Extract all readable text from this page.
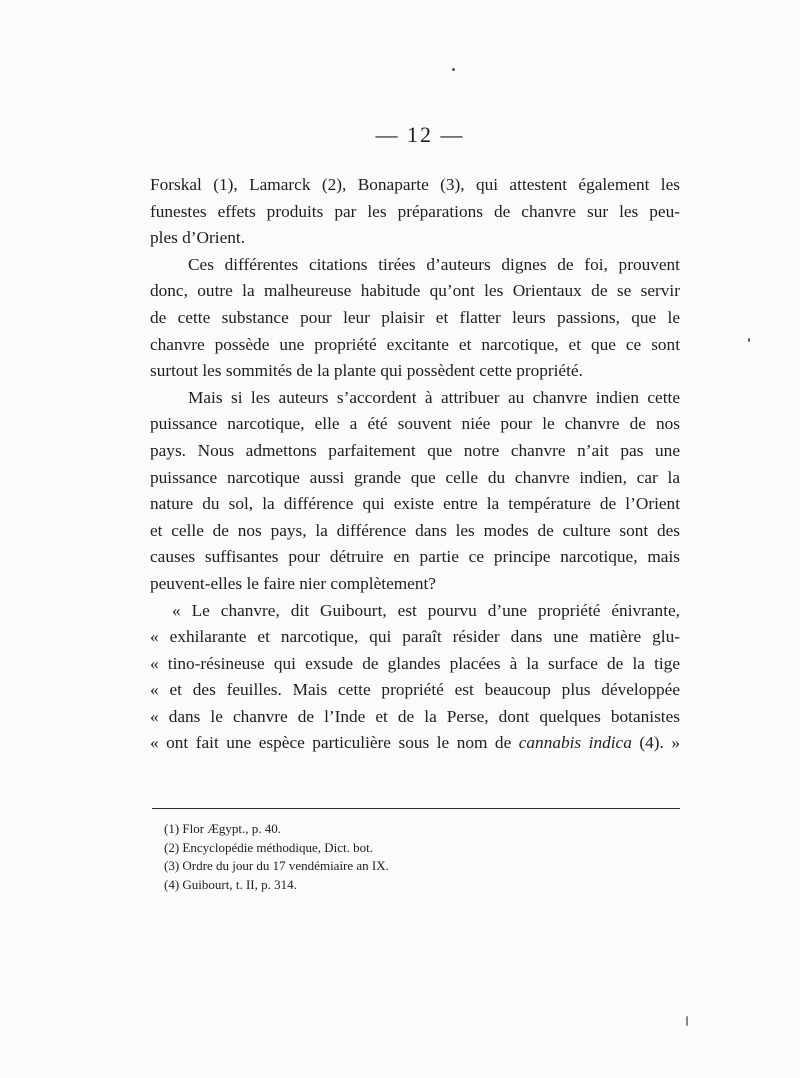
— 12 —
Forskal (1), Lamarck (2), Bonaparte (3), qui attestent également les
funestes effets produits par les préparations de chanvre sur les peu-
ples d’Orient.
Ces différentes citations tirées d’auteurs dignes de foi, prouvent
donc, outre la malheureuse habitude qu’ont les Orientaux de se servir
de cette substance pour leur plaisir et flatter leurs passions, que le
chanvre possède une propriété excitante et narcotique, et que ce sont
surtout les sommités de la plante qui possèdent cette propriété.
Mais si les auteurs s’accordent à attribuer au chanvre indien cette
puissance narcotique, elle a été souvent niée pour le chanvre de nos
pays. Nous admettons parfaitement que notre chanvre n’ait pas une
puissance narcotique aussi grande que celle du chanvre indien, car la
nature du sol, la différence qui existe entre la température de l’Orient
et celle de nos pays, la différence dans les modes de culture sont des
causes suffisantes pour détruire en partie ce principe narcotique, mais
peuvent-elles le faire nier complètement?
« Le chanvre, dit Guibourt, est pourvu d’une propriété énivrante,
« exhilarante et narcotique, qui paraît résider dans une matière glu-
« tino-résineuse qui exsude de glandes placées à la surface de la tige
« et des feuilles. Mais cette propriété est beaucoup plus développée
« dans le chanvre de l’Inde et de la Perse, dont quelques botanistes
« ont fait une espèce particulière sous le nom de cannabis indica (4). »
(1) Flor Ægypt., p. 40.
(2) Encyclopédie méthodique, Dict. bot.
(3) Ordre du jour du 17 vendémiaire an IX.
(4) Guibourt, t. II, p. 314.
